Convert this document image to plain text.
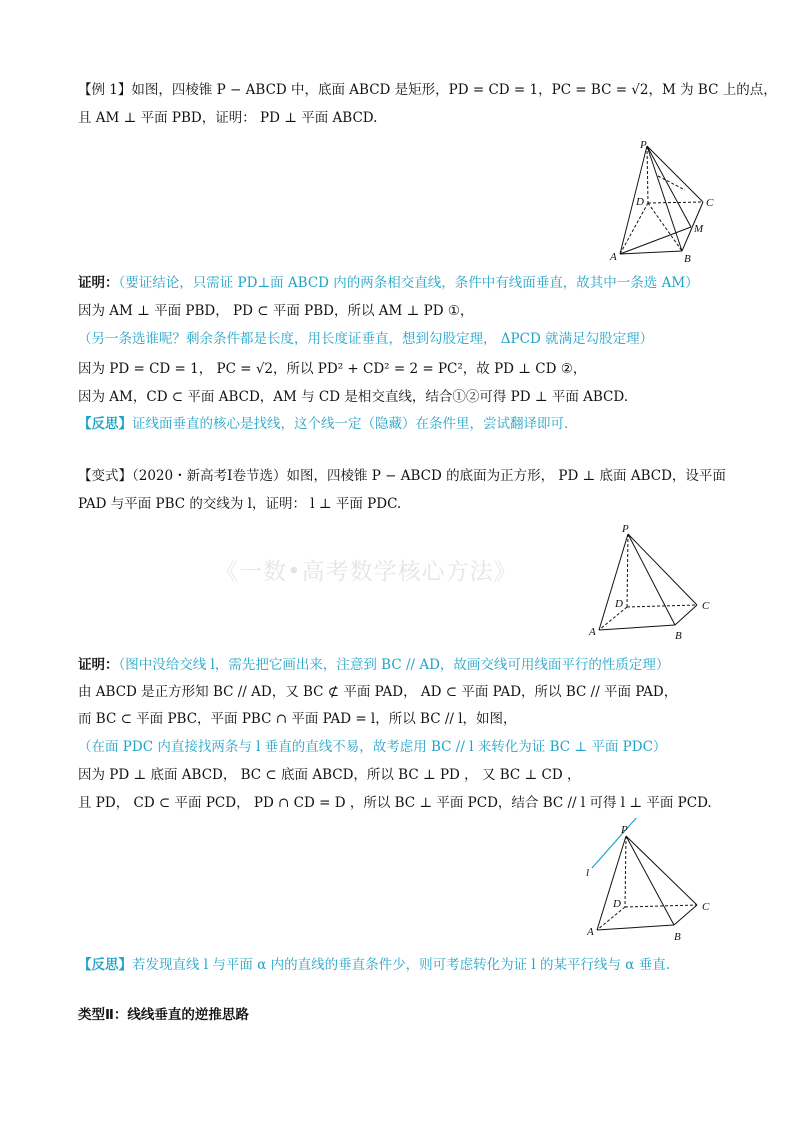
【例 1】如图，四棱锥 P − ABCD 中，底面 ABCD 是矩形，PD = CD = 1，PC = BC = √2，M 为 BC 上的点，
且 AM ⊥ 平面 PBD，证明： PD ⊥ 平面 ABCD.
P
D	C
M
A	B
证明：（要证结论，只需证 PD⊥面 ABCD 内的两条相交直线，条件中有线面垂直，故其中一条选 AM）
因为 AM ⊥ 平面 PBD， PD ⊂ 平面 PBD，所以 AM ⊥ PD ①，
（另一条选谁呢？剩余条件都是长度，用长度证垂直，想到勾股定理， ΔPCD 就满足勾股定理）
因为 PD = CD = 1， PC = √2，所以 PD² + CD² = 2 = PC²，故 PD ⊥ CD ②，
因为 AM，CD ⊂ 平面 ABCD，AM 与 CD 是相交直线，结合①②可得 PD ⊥ 平面 ABCD.
【反思】证线面垂直的核心是找线，这个线一定（隐藏）在条件里，尝试翻译即可.
【变式】（2020・新高考Ⅰ卷节选）如图，四棱锥 P − ABCD 的底面为正方形， PD ⊥ 底面 ABCD，设平面
PAD 与平面 PBC 的交线为 l，证明： l ⊥ 平面 PDC.
《一数•高考数学核心方法》
P
D	C
A	B
证明：（图中没给交线 l，需先把它画出来，注意到 BC // AD，故画交线可用线面平行的性质定理）
由 ABCD 是正方形知 BC // AD，又 BC ⊄ 平面 PAD， AD ⊂ 平面 PAD，所以 BC // 平面 PAD，
而 BC ⊂ 平面 PBC，平面 PBC ∩ 平面 PAD = l，所以 BC // l，如图，
（在面 PDC 内直接找两条与 l 垂直的直线不易，故考虑用 BC // l 来转化为证 BC ⊥ 平面 PDC）
因为 PD ⊥ 底面 ABCD， BC ⊂ 底面 ABCD，所以 BC ⊥ PD ， 又 BC ⊥ CD ，
且 PD， CD ⊂ 平面 PCD， PD ∩ CD = D ，所以 BC ⊥ 平面 PCD，结合 BC // l 可得 l ⊥ 平面 PCD.
P
l
D	C
A	B
【反思】若发现直线 l 与平面 α 内的直线的垂直条件少，则可考虑转化为证 l 的某平行线与 α 垂直.
类型Ⅱ：线线垂直的逆推思路
